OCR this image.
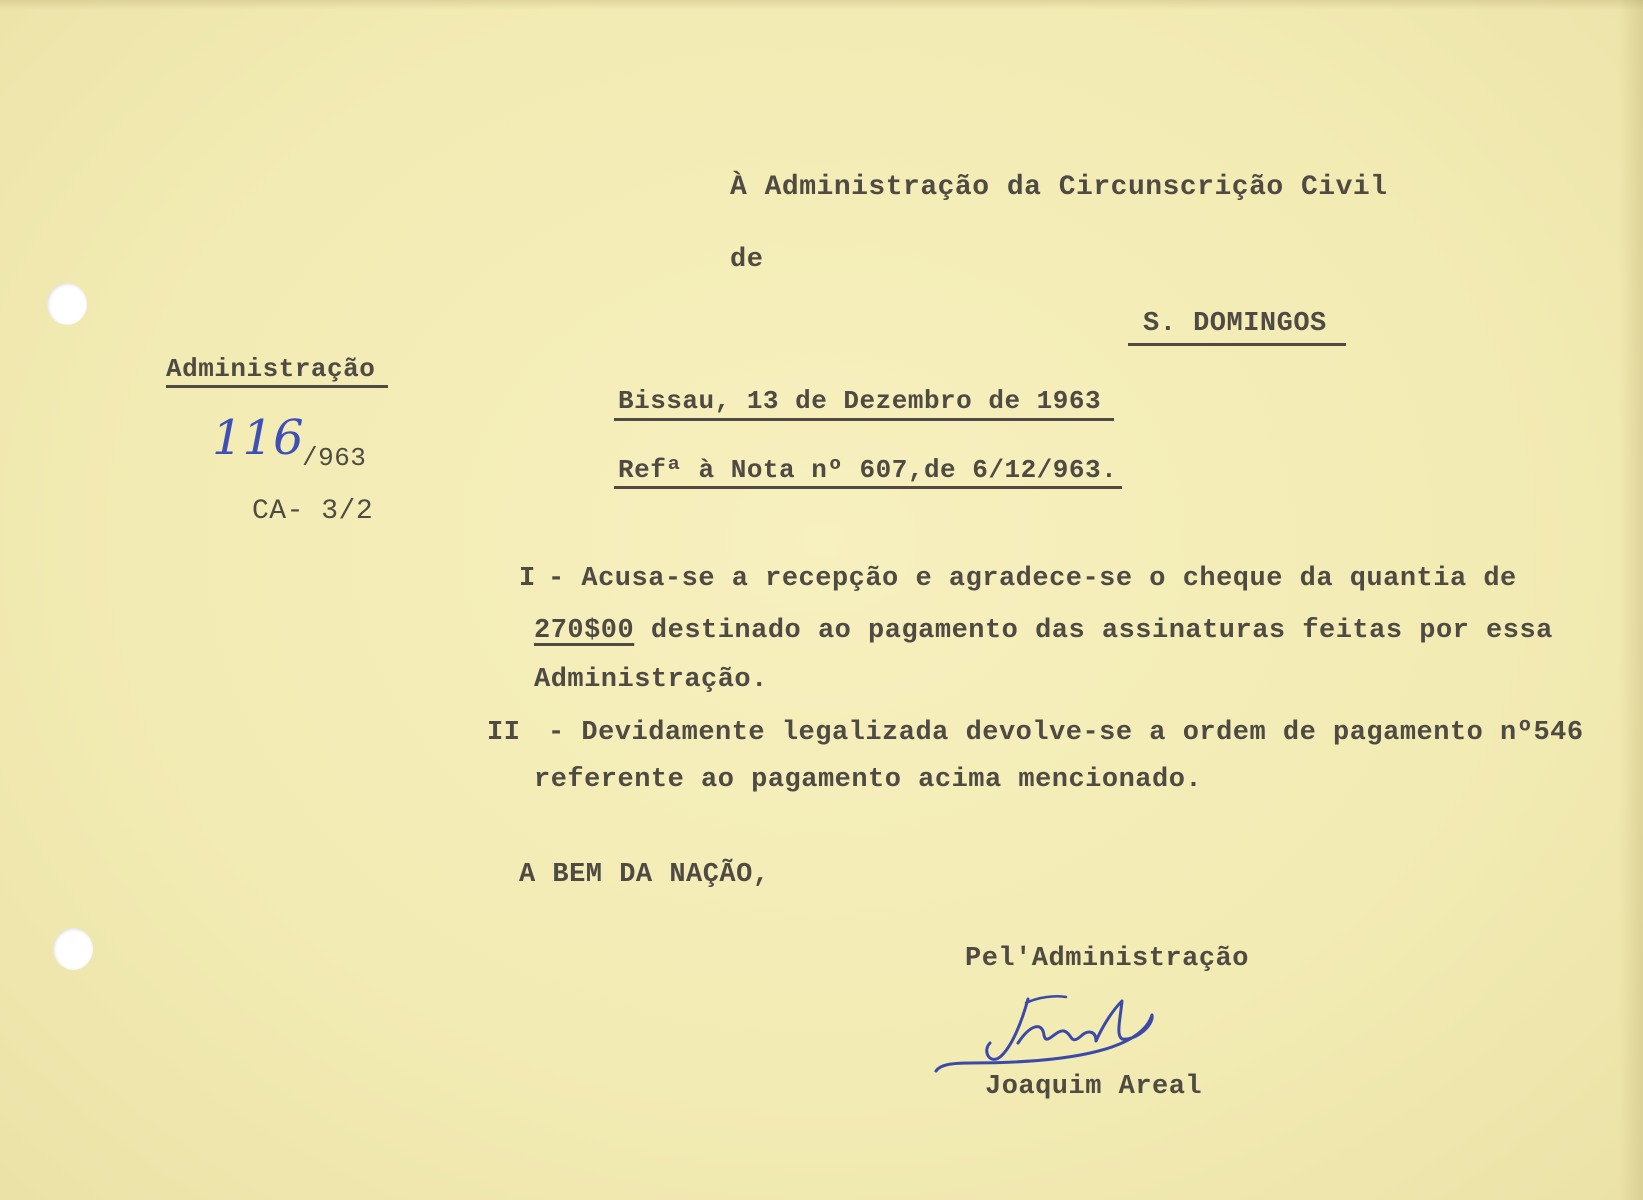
À Administração da Circunscrição Civil
de
S. DOMINGOS
Administração
116
/963
CA- 3/2
Bissau, 13 de Dezembro de 1963
Refª à Nota nº 607,de 6/12/963.
I - Acusa-se a recepção e agradece-se o cheque da quantia de
270$00 destinado ao pagamento das assinaturas feitas por essa
Administração.
II - Devidamente legalizada devolve-se a ordem de pagamento nº546
referente ao pagamento acima mencionado.
A BEM DA NAÇÃO,
Pel'Administração
Joaquim Areal
